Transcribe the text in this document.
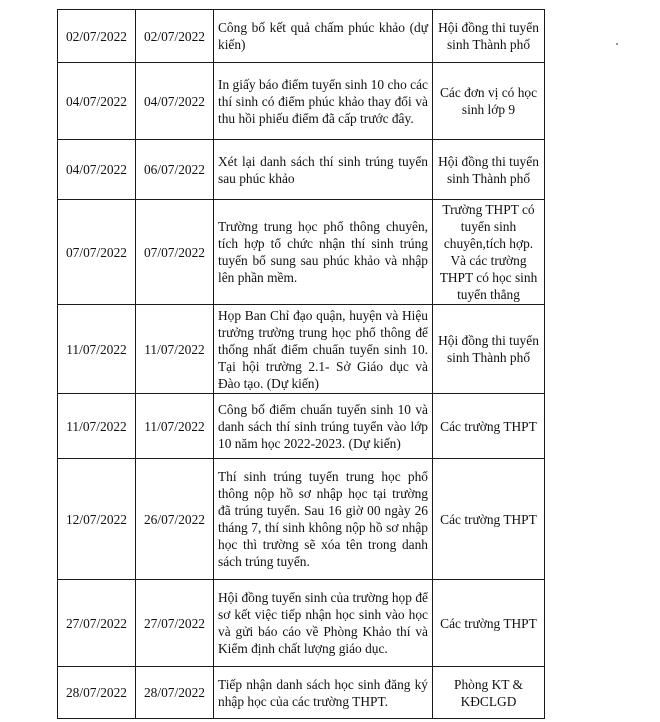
02/07/2022	02/07/2022	Công bố kết quả chấm phúc khảo (dự kiến)	Hội đồng thi tuyển sinh Thành phố
04/07/2022	04/07/2022	In giấy báo điểm tuyển sinh 10 cho các thí sinh có điểm phúc khảo thay đổi và thu hồi phiếu điểm đã cấp trước đây.	Các đơn vị có học sinh lớp 9
04/07/2022	06/07/2022	Xét lại danh sách thí sinh trúng tuyển sau phúc khảo	Hội đồng thi tuyển sinh Thành phố
07/07/2022	07/07/2022	Trường trung học phổ thông chuyên, tích hợp tổ chức nhận thí sinh trúng tuyển bổ sung sau phúc khảo và nhập lên phần mềm.	Trường THPT có tuyển sinh chuyên,tích hợp. Và các trường THPT có học sinh tuyển thẳng
11/07/2022	11/07/2022	Họp Ban Chỉ đạo quận, huyện và Hiệu trưởng trường trung học phổ thông để thống nhất điểm chuẩn tuyển sinh 10. Tại hội trường 2.1- Sở Giáo dục và Đào tạo. (Dự kiến)	Hội đồng thi tuyển sinh Thành phố
11/07/2022	11/07/2022	Công bố điểm chuẩn tuyển sinh 10 và danh sách thí sinh trúng tuyển vào lớp 10 năm học 2022-2023. (Dự kiến)	Các trường THPT
12/07/2022	26/07/2022	Thí sinh trúng tuyển trung học phổ thông nộp hồ sơ nhập học tại trường đã trúng tuyển. Sau 16 giờ 00 ngày 26 tháng 7, thí sinh không nộp hồ sơ nhập học thì trường sẽ xóa tên trong danh sách trúng tuyển.	Các trường THPT
27/07/2022	27/07/2022	Hội đồng tuyển sinh của trường họp để sơ kết việc tiếp nhận học sinh vào học và gửi báo cáo về Phòng Khảo thí và Kiểm định chất lượng giáo dục.	Các trường THPT
28/07/2022	28/07/2022	Tiếp nhận danh sách học sinh đăng ký nhập học của các trường THPT.	Phòng KT & KĐCLGD
